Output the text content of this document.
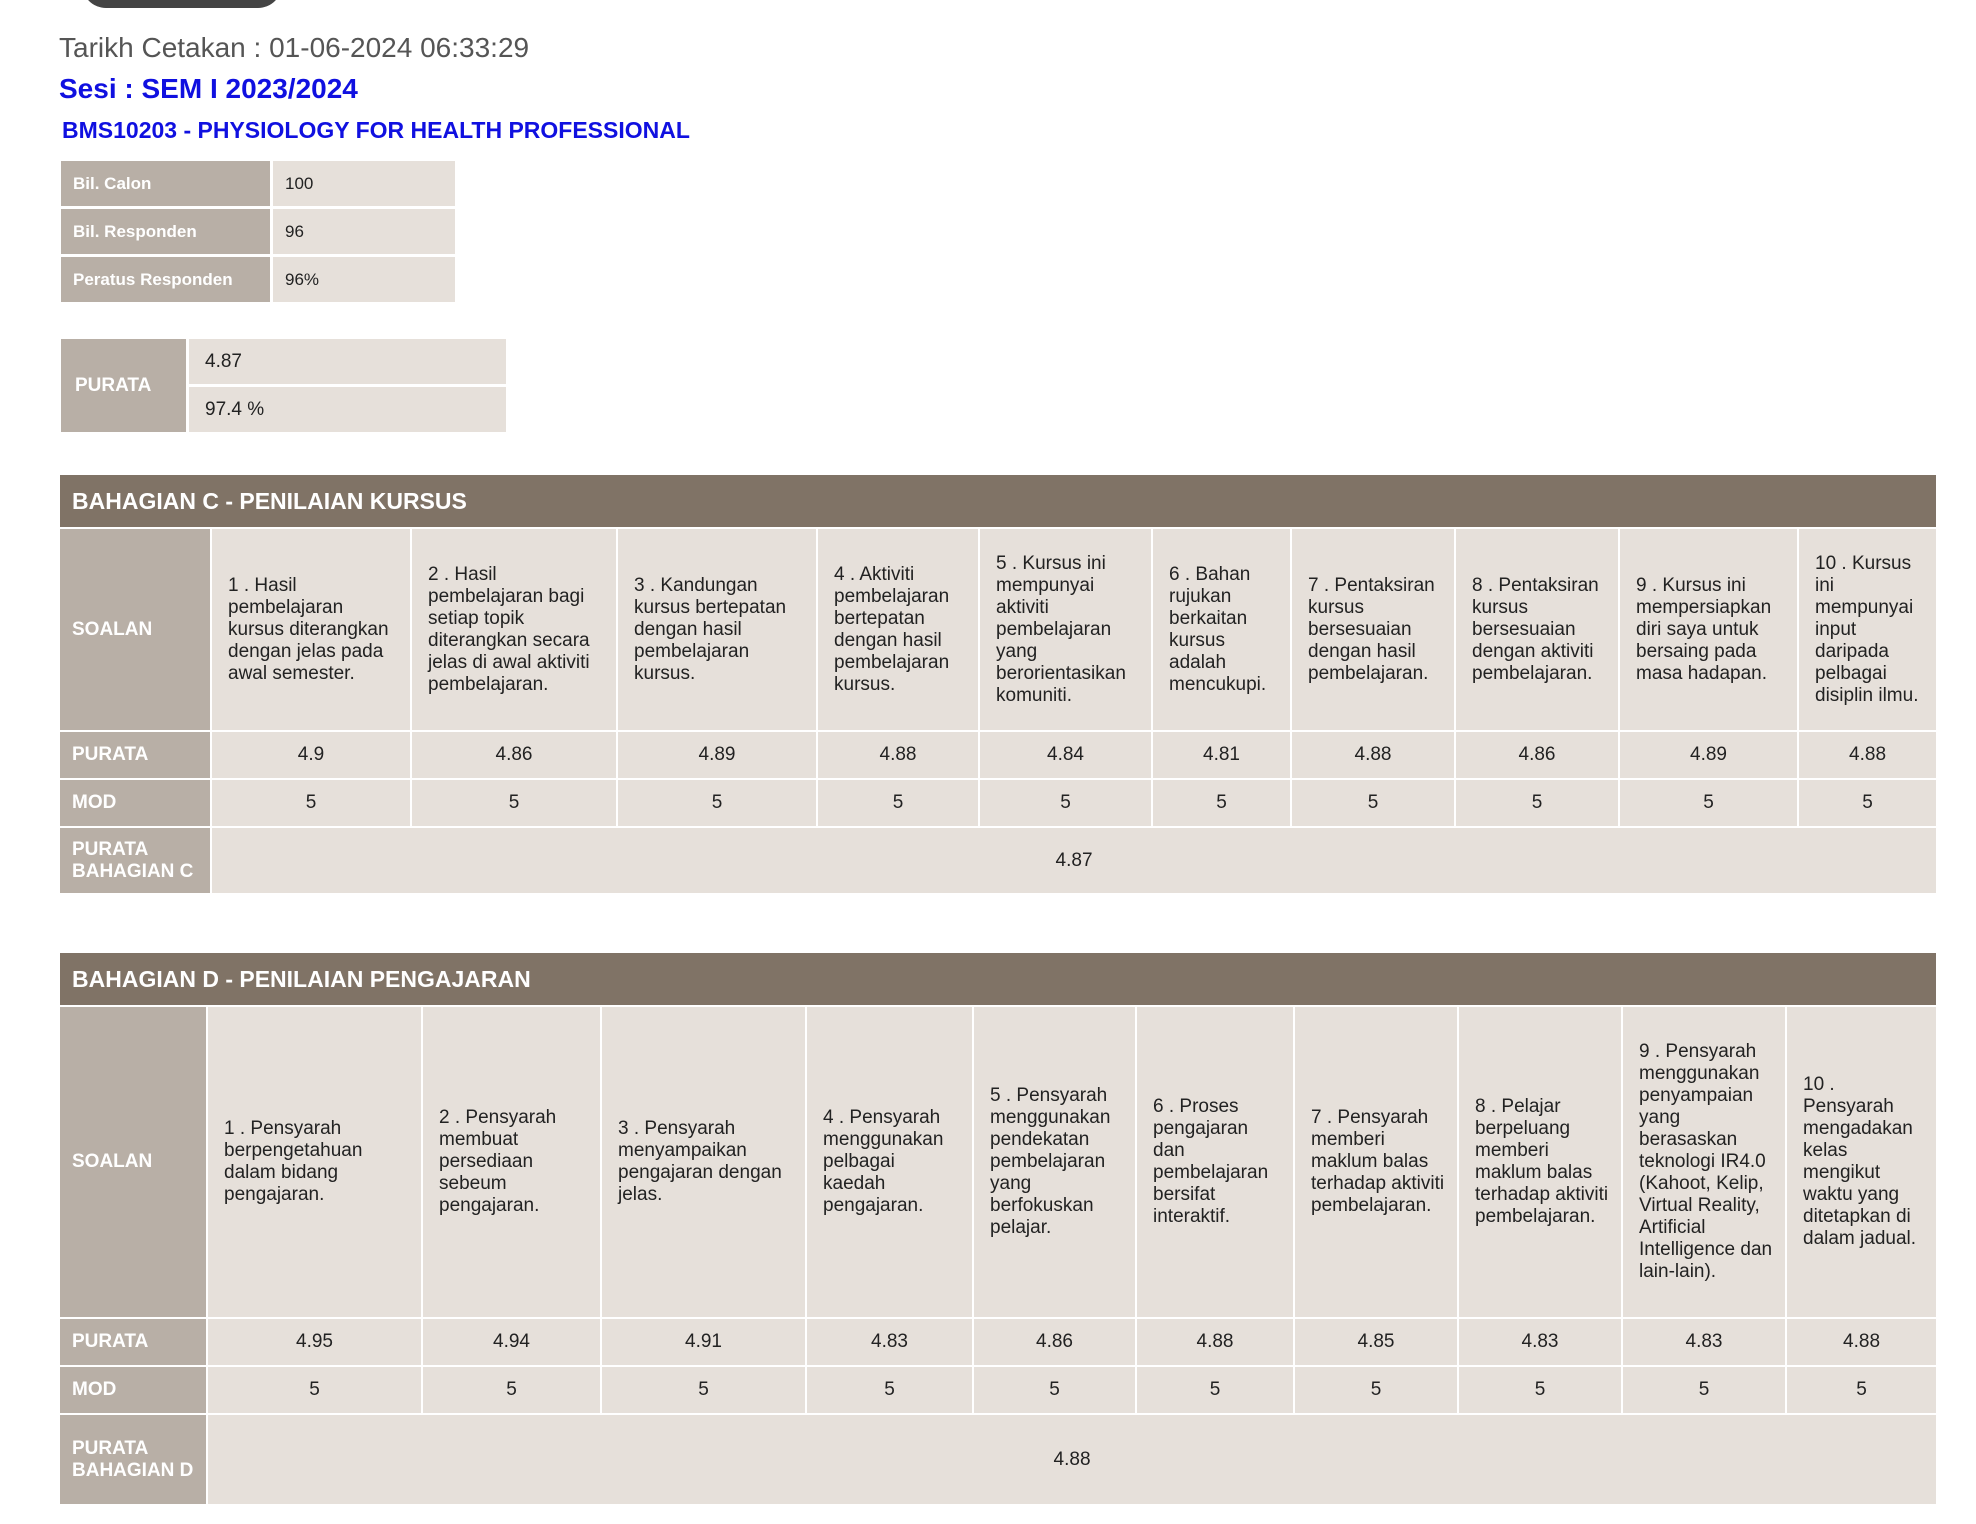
Tarikh Cetakan : 01-06-2024 06:33:29
Sesi : SEM I 2023/2024
BMS10203 - PHYSIOLOGY FOR HEALTH PROFESSIONAL
Bil. Calon	100
Bil. Responden	96
Peratus Responden	96%
PURATA	4.87
97.4 %
BAHAGIAN C - PENILAIAN KURSUS										
SOALAN	1 . Hasil pembelajaran kursus diterangkan dengan jelas pada awal semester.	2 . Hasil pembelajaran bagi setiap topik diterangkan secara jelas di awal aktiviti pembelajaran.	3 . Kandungan kursus bertepatan dengan hasil pembelajaran kursus.	4 . Aktiviti pembelajaran bertepatan dengan hasil pembelajaran kursus.	5 . Kursus ini mempunyai aktiviti pembelajaran yang berorientasikan komuniti.	6 . Bahan rujukan berkaitan kursus adalah mencukupi.	7 . Pentaksiran kursus bersesuaian dengan hasil pembelajaran.	8 . Pentaksiran kursus bersesuaian dengan aktiviti pembelajaran.	9 . Kursus ini mempersiapkan diri saya untuk bersaing pada masa hadapan.	10 . Kursus ini mempunyai input daripada pelbagai disiplin ilmu.
PURATA	4.9	4.86	4.89	4.88	4.84	4.81	4.88	4.86	4.89	4.88
MOD	5	5	5	5	5	5	5	5	5	5
PURATA BAHAGIAN C	4.87									
BAHAGIAN D - PENILAIAN PENGAJARAN										
SOALAN	1 . Pensyarah berpengetahuan dalam bidang pengajaran.	2 . Pensyarah membuat persediaan sebeum pengajaran.	3 . Pensyarah menyampaikan pengajaran dengan jelas.	4 . Pensyarah menggunakan pelbagai kaedah pengajaran.	5 . Pensyarah menggunakan pendekatan pembelajaran yang berfokuskan pelajar.	6 . Proses pengajaran dan pembelajaran bersifat interaktif.	7 . Pensyarah memberi maklum balas terhadap aktiviti pembelajaran.	8 . Pelajar berpeluang memberi maklum balas terhadap aktiviti pembelajaran.	9 . Pensyarah menggunakan penyampaian yang berasaskan teknologi IR4.0 (Kahoot, Kelip, Virtual Reality, Artificial Intelligence dan lain-lain).	10 . Pensyarah mengadakan kelas mengikut waktu yang ditetapkan di dalam jadual.
PURATA	4.95	4.94	4.91	4.83	4.86	4.88	4.85	4.83	4.83	4.88
MOD	5	5	5	5	5	5	5	5	5	5
PURATA BAHAGIAN D	4.88									
